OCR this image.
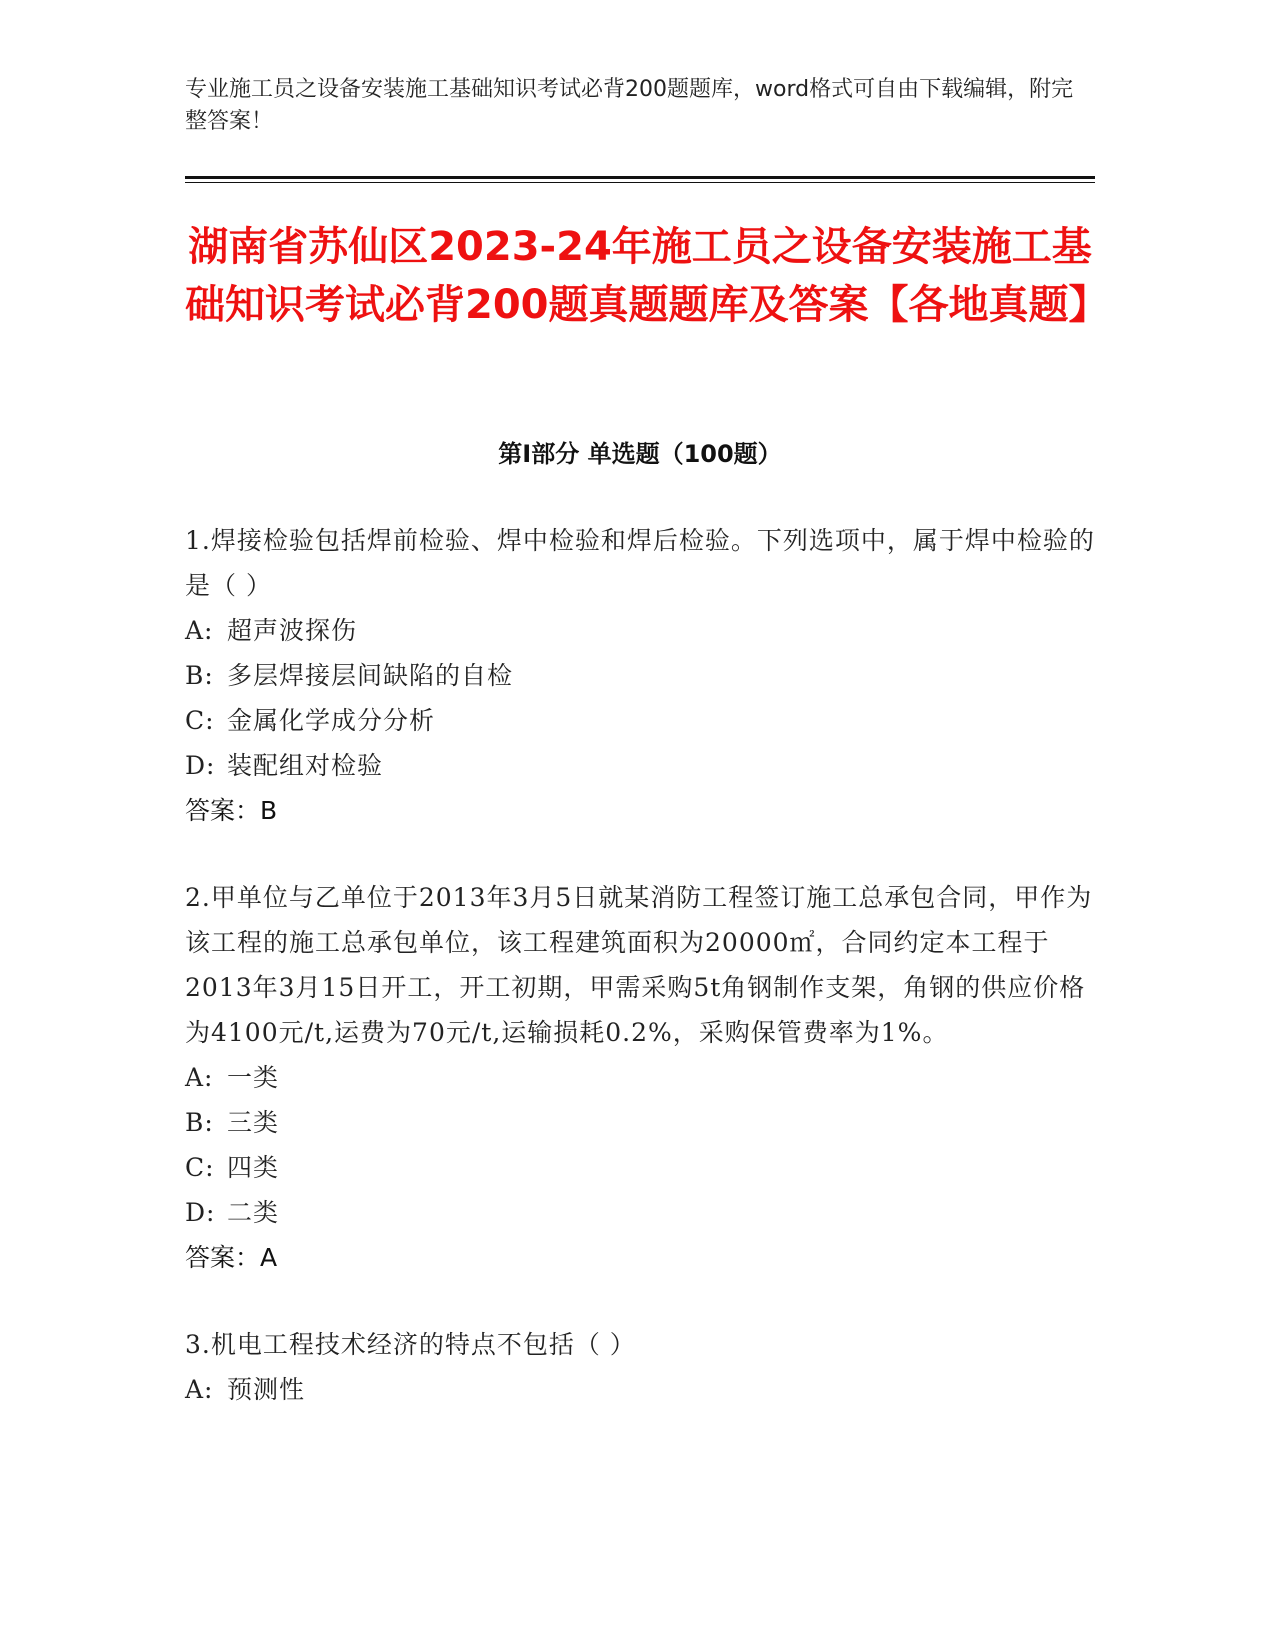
专业施工员之设备安装施工基础知识考试必背200题题库，word格式可自由下载编辑，附完整答案！
湖南省苏仙区2023-24年施工员之设备安装施工基础知识考试必背200题真题题库及答案【各地真题】
第Ⅰ部分 单选题（100题）
1.焊接检验包括焊前检验、焊中检验和焊后检验。下列选项中，属于焊中检验的是（ ）
A: 超声波探伤
B: 多层焊接层间缺陷的自检
C: 金属化学成分分析
D: 装配组对检验
答案：B
2.甲单位与乙单位于2013年3月5日就某消防工程签订施工总承包合同，甲作为该工程的施工总承包单位，该工程建筑面积为20000㎡，合同约定本工程于2013年3月15日开工，开工初期，甲需采购5t角钢制作支架，角钢的供应价格为4100元/t,运费为70元/t,运输损耗0.2%，采购保管费率为1%。
A: 一类
B: 三类
C: 四类
D: 二类
答案：A
3.机电工程技术经济的特点不包括（ ）
A: 预测性
